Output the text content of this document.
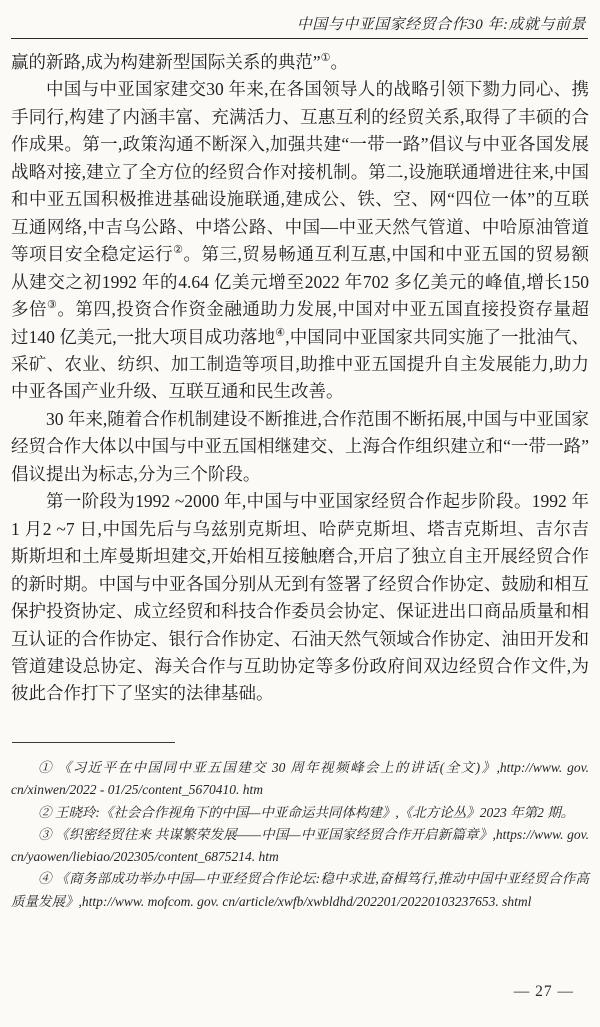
中国与中亚国家经贸合作30 年:成就与前景

赢的新路,成为构建新型国际关系的典范”①。

中国与中亚国家建交30 年来,在各国领导人的战略引领下勠力同心、携手同行,构建了内涵丰富、充满活力、互惠互利的经贸关系,取得了丰硕的合作成果。第一,政策沟通不断深入,加强共建“一带一路”倡议与中亚各国发展战略对接,建立了全方位的经贸合作对接机制。第二,设施联通增进往来,中国和中亚五国积极推进基础设施联通,建成公、铁、空、网“四位一体”的互联互通网络,中吉乌公路、中塔公路、中国—中亚天然气管道、中哈原油管道等项目安全稳定运行②。第三,贸易畅通互利互惠,中国和中亚五国的贸易额从建交之初1992 年的4.64 亿美元增至2022 年702 多亿美元的峰值,增长150 多倍③。第四,投资合作资金融通助力发展,中国对中亚五国直接投资存量超过140 亿美元,一批大项目成功落地④,中国同中亚国家共同实施了一批油气、采矿、农业、纺织、加工制造等项目,助推中亚五国提升自主发展能力,助力中亚各国产业升级、互联互通和民生改善。

30 年来,随着合作机制建设不断推进,合作范围不断拓展,中国与中亚国家经贸合作大体以中国与中亚五国相继建交、上海合作组织建立和“一带一路”倡议提出为标志,分为三个阶段。

第一阶段为1992 ~2000 年,中国与中亚国家经贸合作起步阶段。1992 年1 月2 ~7 日,中国先后与乌兹别克斯坦、哈萨克斯坦、塔吉克斯坦、吉尔吉斯斯坦和土库曼斯坦建交,开始相互接触磨合,开启了独立自主开展经贸合作的新时期。中国与中亚各国分别从无到有签署了经贸合作协定、鼓励和相互保护投资协定、成立经贸和科技合作委员会协定、保证进出口商品质量和相互认证的合作协定、银行合作协定、石油天然气领域合作协定、油田开发和管道建设总协定、海关合作与互助协定等多份政府间双边经贸合作文件,为彼此合作打下了坚实的法律基础。

① 《习近平在中国同中亚五国建交 30 周年视频峰会上的讲话(全文)》,http://www. gov. cn/xinwen/2022 - 01/25/content_5670410. htm

② 王晓玲:《社会合作视角下的中国—中亚命运共同体构建》,《北方论丛》2023 年第2 期。

③ 《织密经贸往来 共谋繁荣发展——中国—中亚国家经贸合作开启新篇章》,https://www. gov. cn/yaowen/liebiao/202305/content_6875214. htm

④ 《商务部成功举办中国—中亚经贸合作论坛:稳中求进,奋楫笃行,推动中国中亚经贸合作高质量发展》,http://www. mofcom. gov. cn/article/xwfb/xwbldhd/202201/20220103237653. shtml

— 27 —
